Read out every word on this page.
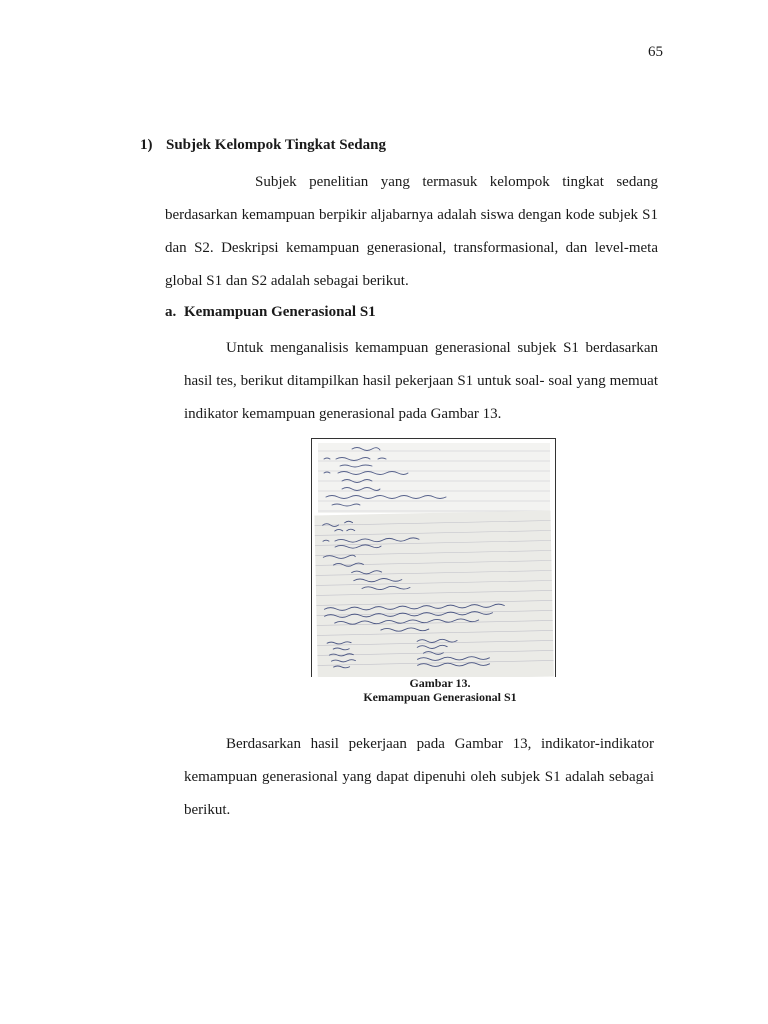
65
1) Subjek Kelompok Tingkat Sedang
Subjek penelitian yang termasuk kelompok tingkat sedang berdasarkan kemampuan berpikir aljabarnya adalah siswa dengan kode subjek S1 dan S2. Deskripsi kemampuan generasional, transformasional, dan level-meta global S1 dan S2 adalah sebagai berikut.
a. Kemampuan Generasional S1
Untuk menganalisis kemampuan generasional subjek S1 berdasarkan hasil tes, berikut ditampilkan hasil pekerjaan S1 untuk soal- soal yang memuat indikator kemampuan generasional pada Gambar 13.
Gambar 13.
Kemampuan Generasional S1
Berdasarkan hasil pekerjaan pada Gambar 13, indikator-indikator kemampuan generasional yang dapat dipenuhi oleh subjek S1 adalah sebagai berikut.
